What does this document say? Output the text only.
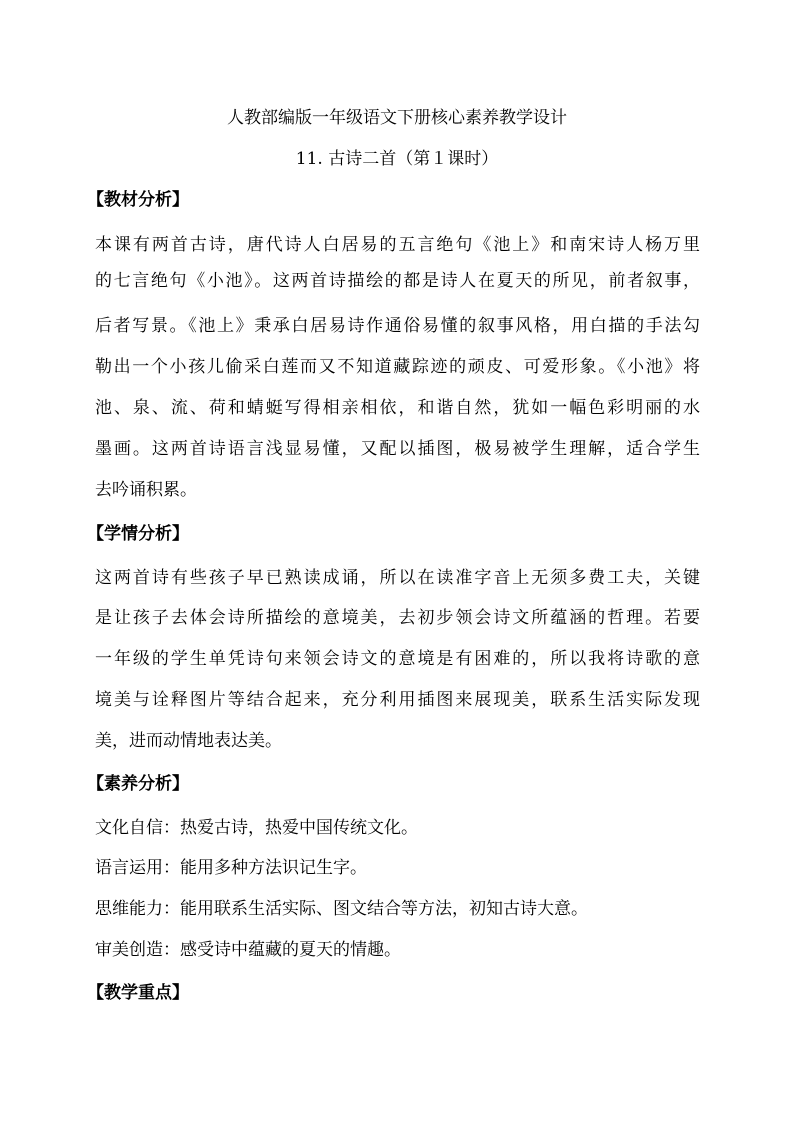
人教部编版一年级语文下册核心素养教学设计
11. 古诗二首（第１课时）
【教材分析】
本课有两首古诗，唐代诗人白居易的五言绝句《池上》和南宋诗人杨万里
的七言绝句《小池》。这两首诗描绘的都是诗人在夏天的所见，前者叙事，
后者写景。《池上》秉承白居易诗作通俗易懂的叙事风格，用白描的手法勾
勒出一个小孩儿偷采白莲而又不知道藏踪迹的顽皮、可爱形象。《小池》将
池、泉、流、荷和蜻蜓写得相亲相依，和谐自然，犹如一幅色彩明丽的水
墨画。这两首诗语言浅显易懂，又配以插图，极易被学生理解，适合学生
去吟诵积累。
【学情分析】
这两首诗有些孩子早已熟读成诵，所以在读准字音上无须多费工夫，关键
是让孩子去体会诗所描绘的意境美，去初步领会诗文所蕴涵的哲理。若要
一年级的学生单凭诗句来领会诗文的意境是有困难的，所以我将诗歌的意
境美与诠释图片等结合起来，充分利用插图来展现美，联系生活实际发现
美，进而动情地表达美。
【素养分析】
文化自信：热爱古诗，热爱中国传统文化。
语言运用：能用多种方法识记生字。
思维能力：能用联系生活实际、图文结合等方法，初知古诗大意。
审美创造：感受诗中蕴藏的夏天的情趣。
【教学重点】
